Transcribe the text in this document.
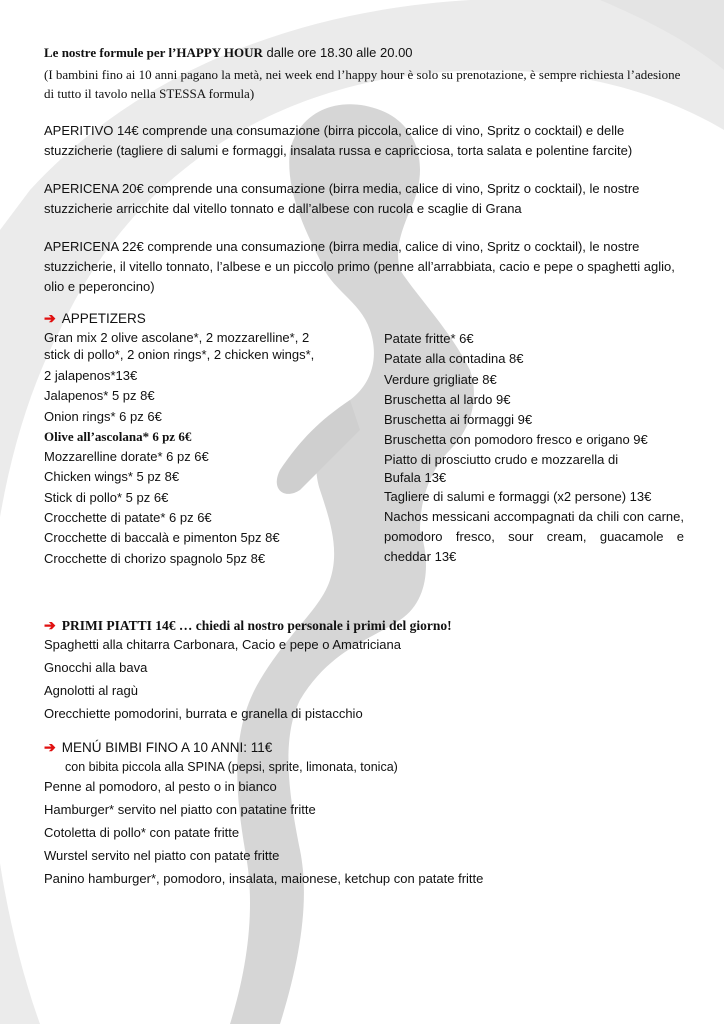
Le nostre formule per l’HAPPY HOUR dalle ore 18.30 alle 20.00
(I bambini fino ai 10 anni pagano la metà, nei week end l’happy hour è solo su prenotazione, è sempre richiesta l’adesione di tutto il tavolo nella STESSA formula)
APERITIVO 14€ comprende una consumazione (birra piccola, calice di vino, Spritz o cocktail) e delle stuzzicherie (tagliere di salumi e formaggi, insalata russa e capricciosa, torta salata e polentine farcite)
APERICENA 20€ comprende una consumazione (birra media, calice di vino, Spritz o cocktail), le nostre stuzzicherie arricchite dal vitello tonnato e dall’albese con rucola e scaglie di Grana
APERICENA 22€ comprende una consumazione (birra media, calice di vino, Spritz o cocktail), le nostre stuzzicherie, il vitello tonnato, l’albese e un piccolo primo (penne all’arrabbiata, cacio e pepe o spaghetti aglio, olio e peperoncino)
➔ APPETIZERS
Gran mix 2 olive ascolane*, 2 mozzarelline*, 2
stick di pollo*, 2 onion rings*, 2 chicken wings*,
2 jalapenos*13€
Jalapenos* 5 pz 8€
Onion rings* 6 pz 6€
Olive all’ascolana* 6 pz 6€
Mozzarelline dorate* 6 pz 6€
Chicken wings* 5 pz 8€
Stick di pollo* 5 pz 6€
Crocchette di patate* 6 pz 6€
Crocchette di baccalà e pimenton 5pz 8€
Crocchette di chorizo spagnolo 5pz 8€
Patate fritte* 6€
Patate alla contadina 8€
Verdure grigliate 8€
Bruschetta al lardo 9€
Bruschetta ai formaggi 9€
Bruschetta con pomodoro fresco e origano 9€
Piatto di prosciutto crudo e mozzarella di
Bufala 13€
Tagliere di salumi e formaggi (x2 persone) 13€
Nachos messicani accompagnati da chili con carne, pomodoro fresco, sour cream, guacamole e cheddar 13€
➔ PRIMI PIATTI 14€ … chiedi al nostro personale i primi del giorno!
Spaghetti alla chitarra Carbonara, Cacio e pepe o Amatriciana
Gnocchi alla bava
Agnolotti al ragù
Orecchiette pomodorini, burrata e granella di pistacchio
➔ MENÚ BIMBI FINO A 10 ANNI: 11€
con bibita piccola alla SPINA (pepsi, sprite, limonata, tonica)
Penne al pomodoro, al pesto o in bianco
Hamburger* servito nel piatto con patatine fritte
Cotoletta di pollo* con patate fritte
Wurstel servito nel piatto con patate fritte
Panino hamburger*, pomodoro, insalata, maionese, ketchup con patate fritte
